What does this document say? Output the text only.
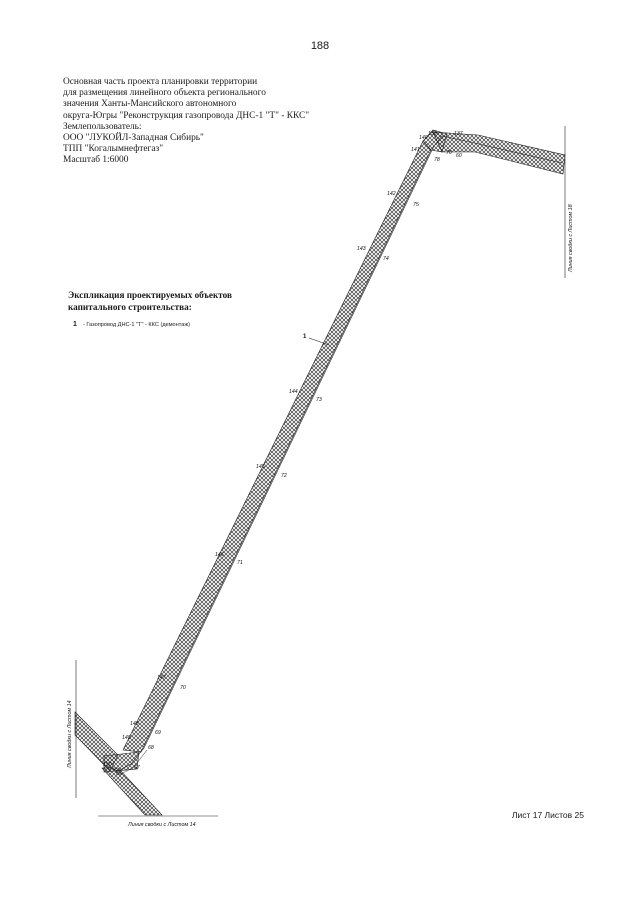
188
Основная часть проекта планировки территории
для размещения линейного объекта регионального
значения Ханты-Мансийского автономного
округа-Югры "Реконструкция газопровода ДНС-1 "Т" - ККС"
Землепользователь:
ООО "ЛУКОЙЛ-Западная Сибирь"
ТПП "Когалымнефтегаз"
Масштаб 1:6000
Экспликация проектируемых объектов
капитального строительства:
1 - Газопровод ДНС-1 "Т" - ККС (демонтаж)
1
Линия сводки с Листом 14
Линия сводки с Листом 14
Линия сводки с Листом 18
137
139
140
141
142
143
144
145
146
147
148
149
150
60
65
67
68
69
70
71
72
73
74
75
76
78
Лист 17 Листов 25
